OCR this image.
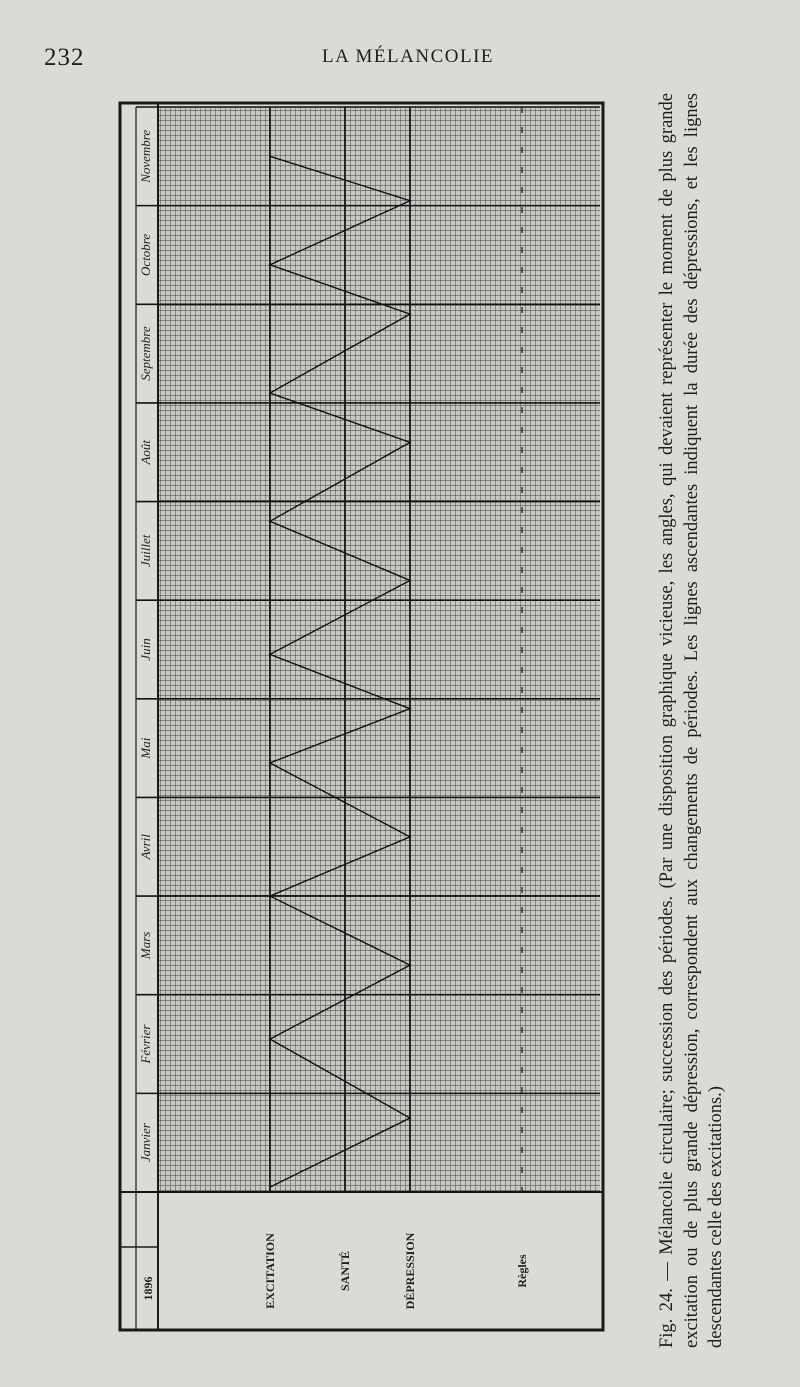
232	LA MÉLANCOLIE
Janvier
Février
Mars
Avril
Mai
Juin
Juillet
Août
Septembre
Octobre
Novembre
1896	EXCITATION	SANTÉ	DÉPRESSION	Règles	Fig. 24. — Mélancolie circulaire; succession des périodes. (Par une disposition graphique vicieuse, les angles, qui devaient représenter le moment de plus grande excitation ou de plus grande dépression, correspondent aux changements de périodes. Les lignes ascendantes indiquent la durée des dépressions, et les lignes descendantes celle des excitations.)
